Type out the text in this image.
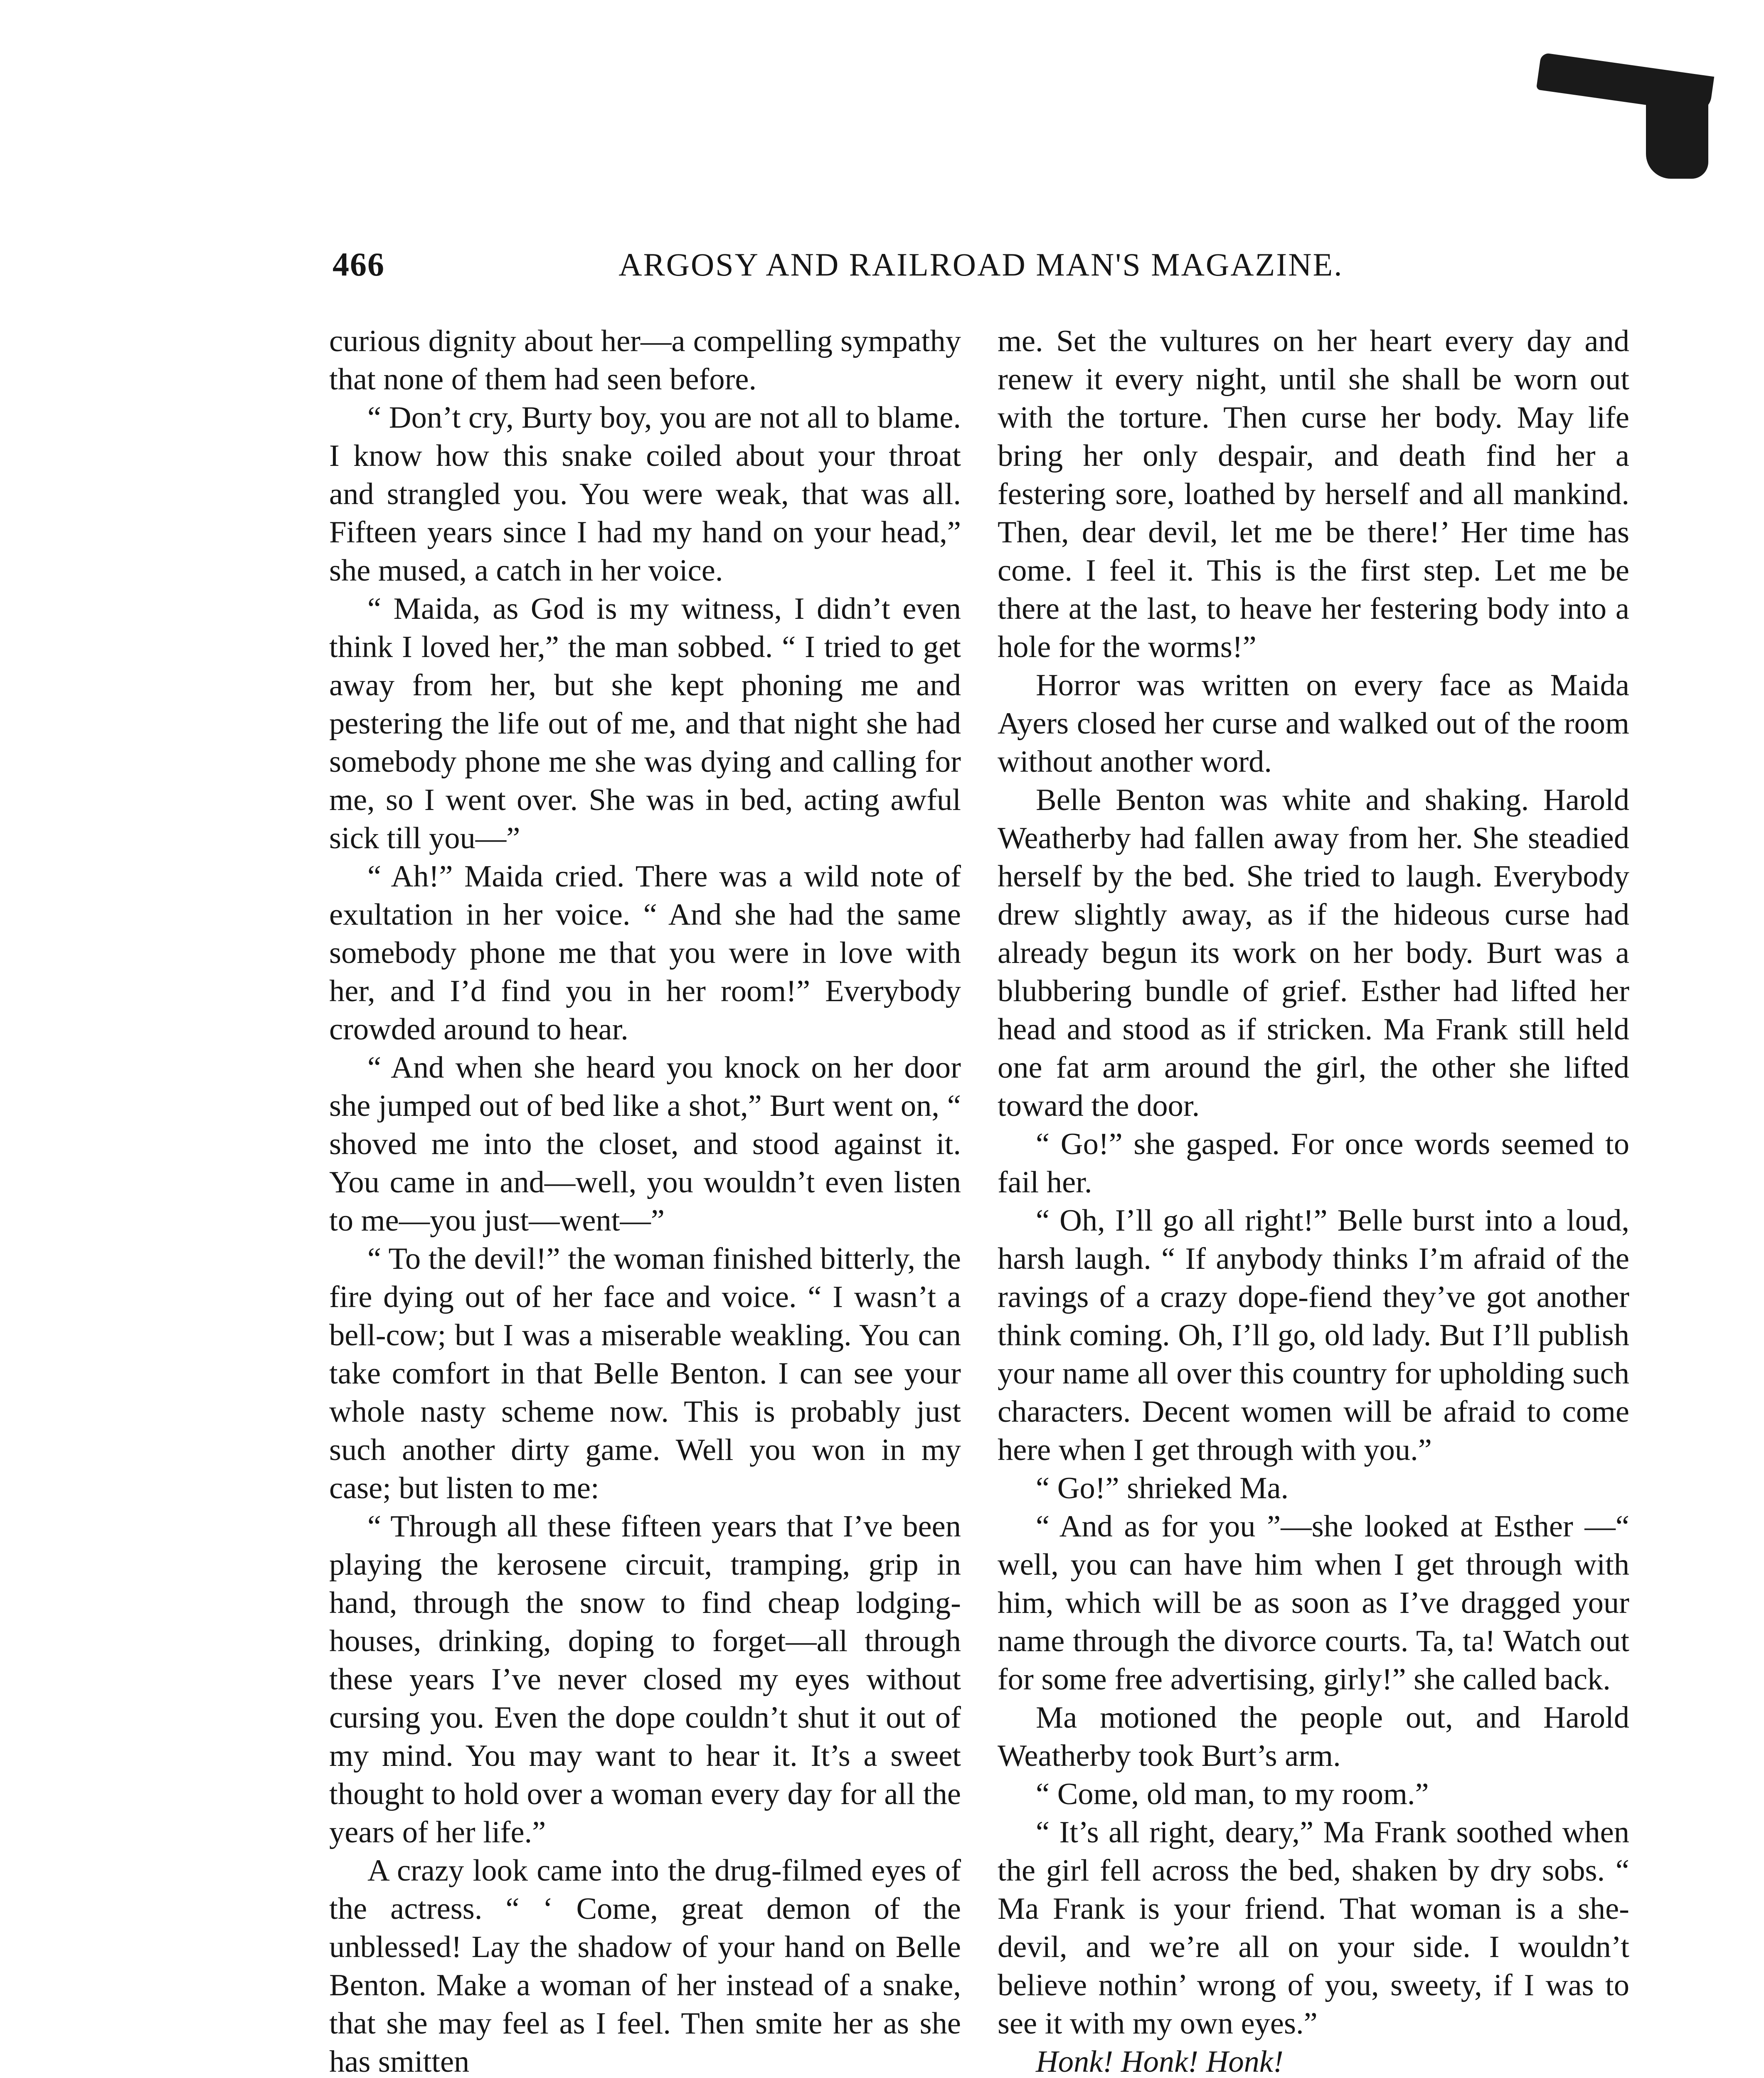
466	ARGOSY AND RAILROAD MAN'S MAGAZINE.

curious dignity about her—a compelling sympathy that none of them had seen before.

“ Don’t cry, Burty boy, you are not all to blame. I know how this snake coiled about your throat and strangled you. You were weak, that was all. Fifteen years since I had my hand on your head,” she mused, a catch in her voice.

“ Maida, as God is my witness, I didn’t even think I loved her,” the man sobbed. “ I tried to get away from her, but she kept phoning me and pestering the life out of me, and that night she had somebody phone me she was dying and calling for me, so I went over. She was in bed, acting awful sick till you—”

“ Ah!” Maida cried. There was a wild note of exultation in her voice. “ And she had the same somebody phone me that you were in love with her, and I’d find you in her room!” Everybody crowded around to hear.

“ And when she heard you knock on her door she jumped out of bed like a shot,” Burt went on, “ shoved me into the closet, and stood against it. You came in and—well, you wouldn’t even listen to me—you just—went—”

“ To the devil!” the woman finished bitterly, the fire dying out of her face and voice. “ I wasn’t a bell-cow; but I was a miserable weakling. You can take comfort in that Belle Benton. I can see your whole nasty scheme now. This is probably just such another dirty game. Well you won in my case; but listen to me:

“ Through all these fifteen years that I’ve been playing the kerosene circuit, tramping, grip in hand, through the snow to find cheap lodging-houses, drinking, doping to forget—all through these years I’ve never closed my eyes without cursing you. Even the dope couldn’t shut it out of my mind. You may want to hear it. It’s a sweet thought to hold over a woman every day for all the years of her life.”

A crazy look came into the drug-filmed eyes of the actress. “ ‘ Come, great demon of the unblessed! Lay the shadow of your hand on Belle Benton. Make a woman of her instead of a snake, that she may feel as I feel. Then smite her as she has smitten

me. Set the vultures on her heart every day and renew it every night, until she shall be worn out with the torture. Then curse her body. May life bring her only despair, and death find her a festering sore, loathed by herself and all mankind. Then, dear devil, let me be there!’ Her time has come. I feel it. This is the first step. Let me be there at the last, to heave her festering body into a hole for the worms!”

Horror was written on every face as Maida Ayers closed her curse and walked out of the room without another word.

Belle Benton was white and shaking. Harold Weatherby had fallen away from her. She steadied herself by the bed. She tried to laugh. Everybody drew slightly away, as if the hideous curse had already begun its work on her body. Burt was a blubbering bundle of grief. Esther had lifted her head and stood as if stricken. Ma Frank still held one fat arm around the girl, the other she lifted toward the door.

“ Go!” she gasped. For once words seemed to fail her.

“ Oh, I’ll go all right!” Belle burst into a loud, harsh laugh. “ If anybody thinks I’m afraid of the ravings of a crazy dope-fiend they’ve got another think coming. Oh, I’ll go, old lady. But I’ll publish your name all over this country for upholding such characters. Decent women will be afraid to come here when I get through with you.”

“ Go!” shrieked Ma.

“ And as for you ”—she looked at Esther —“ well, you can have him when I get through with him, which will be as soon as I’ve dragged your name through the divorce courts. Ta, ta! Watch out for some free advertising, girly!” she called back.

Ma motioned the people out, and Harold Weatherby took Burt’s arm.

“ Come, old man, to my room.”

“ It’s all right, deary,” Ma Frank soothed when the girl fell across the bed, shaken by dry sobs. “ Ma Frank is your friend. That woman is a she-devil, and we’re all on your side. I wouldn’t believe nothin’ wrong of you, sweety, if I was to see it with my own eyes.”

Honk! Honk! Honk!
